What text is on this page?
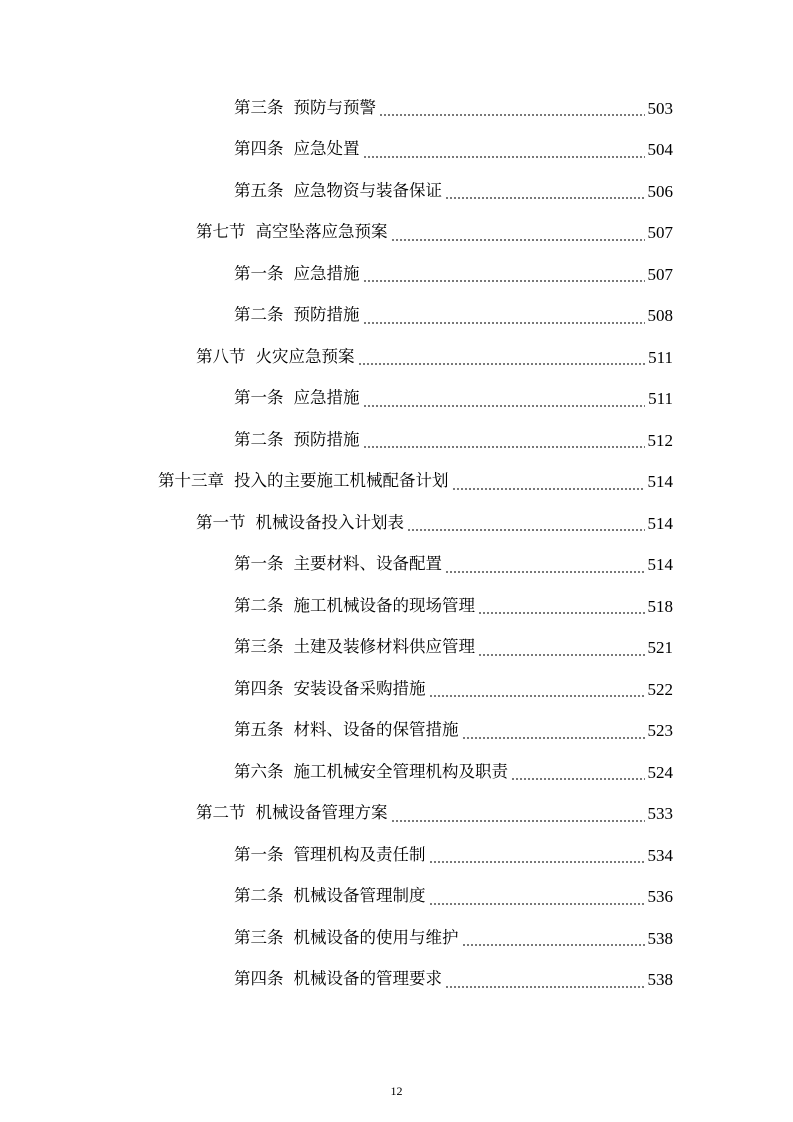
第三条 预防与预警	503
第四条 应急处置	504
第五条 应急物资与装备保证	506
第七节 高空坠落应急预案	507
第一条 应急措施	507
第二条 预防措施	508
第八节 火灾应急预案	511
第一条 应急措施	511
第二条 预防措施	512
第十三章 投入的主要施工机械配备计划	514
第一节 机械设备投入计划表	514
第一条 主要材料、设备配置	514
第二条 施工机械设备的现场管理	518
第三条 土建及装修材料供应管理	521
第四条 安装设备采购措施	522
第五条 材料、设备的保管措施	523
第六条 施工机械安全管理机构及职责	524
第二节 机械设备管理方案	533
第一条 管理机构及责任制	534
第二条 机械设备管理制度	536
第三条 机械设备的使用与维护	538
第四条 机械设备的管理要求	538
12
